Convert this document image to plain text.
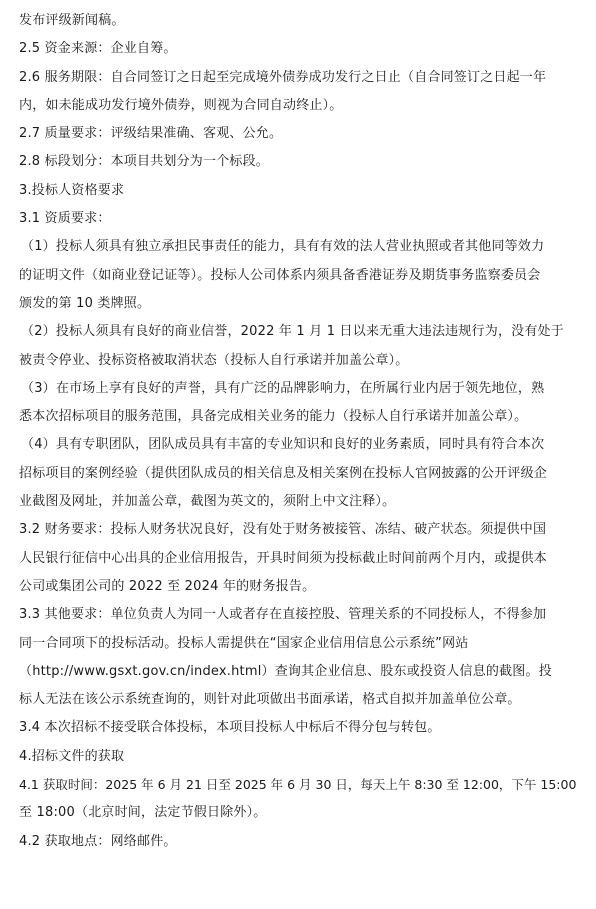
发布评级新闻稿。
2.5 资金来源：企业自筹。
2.6 服务期限：自合同签订之日起至完成境外债券成功发行之日止（自合同签订之日起一年
内，如未能成功发行境外债券，则视为合同自动终止）。
2.7 质量要求：评级结果准确、客观、公允。
2.8 标段划分：本项目共划分为一个标段。
3.投标人资格要求
3.1 资质要求：
（1）投标人须具有独立承担民事责任的能力，具有有效的法人营业执照或者其他同等效力
的证明文件（如商业登记证等）。投标人公司体系内须具备香港证券及期货事务监察委员会
颁发的第 10 类牌照。
（2）投标人须具有良好的商业信誉，2022 年 1 月 1 日以来无重大违法违规行为，没有处于
被责令停业、投标资格被取消状态（投标人自行承诺并加盖公章）。
（3）在市场上享有良好的声誉，具有广泛的品牌影响力，在所属行业内居于领先地位，熟
悉本次招标项目的服务范围，具备完成相关业务的能力（投标人自行承诺并加盖公章）。
（4）具有专职团队，团队成员具有丰富的专业知识和良好的业务素质，同时具有符合本次
招标项目的案例经验（提供团队成员的相关信息及相关案例在投标人官网披露的公开评级企
业截图及网址，并加盖公章，截图为英文的，须附上中文注释）。
3.2 财务要求：投标人财务状况良好，没有处于财务被接管、冻结、破产状态。须提供中国
人民银行征信中心出具的企业信用报告，开具时间须为投标截止时间前两个月内，或提供本
公司或集团公司的 2022 至 2024 年的财务报告。
3.3 其他要求：单位负责人为同一人或者存在直接控股、管理关系的不同投标人，不得参加
同一合同项下的投标活动。投标人需提供在“国家企业信用信息公示系统”网站
（http://www.gsxt.gov.cn/index.html）查询其企业信息、股东或投资人信息的截图。投
标人无法在该公示系统查询的，则针对此项做出书面承诺，格式自拟并加盖单位公章。
3.4 本次招标不接受联合体投标，本项目投标人中标后不得分包与转包。
4.招标文件的获取
4.1 获取时间：2025 年 6 月 21 日至 2025 年 6 月 30 日，每天上午 8:30 至 12:00，下午 15:00
至 18:00（北京时间，法定节假日除外）。
4.2 获取地点：网络邮件。
